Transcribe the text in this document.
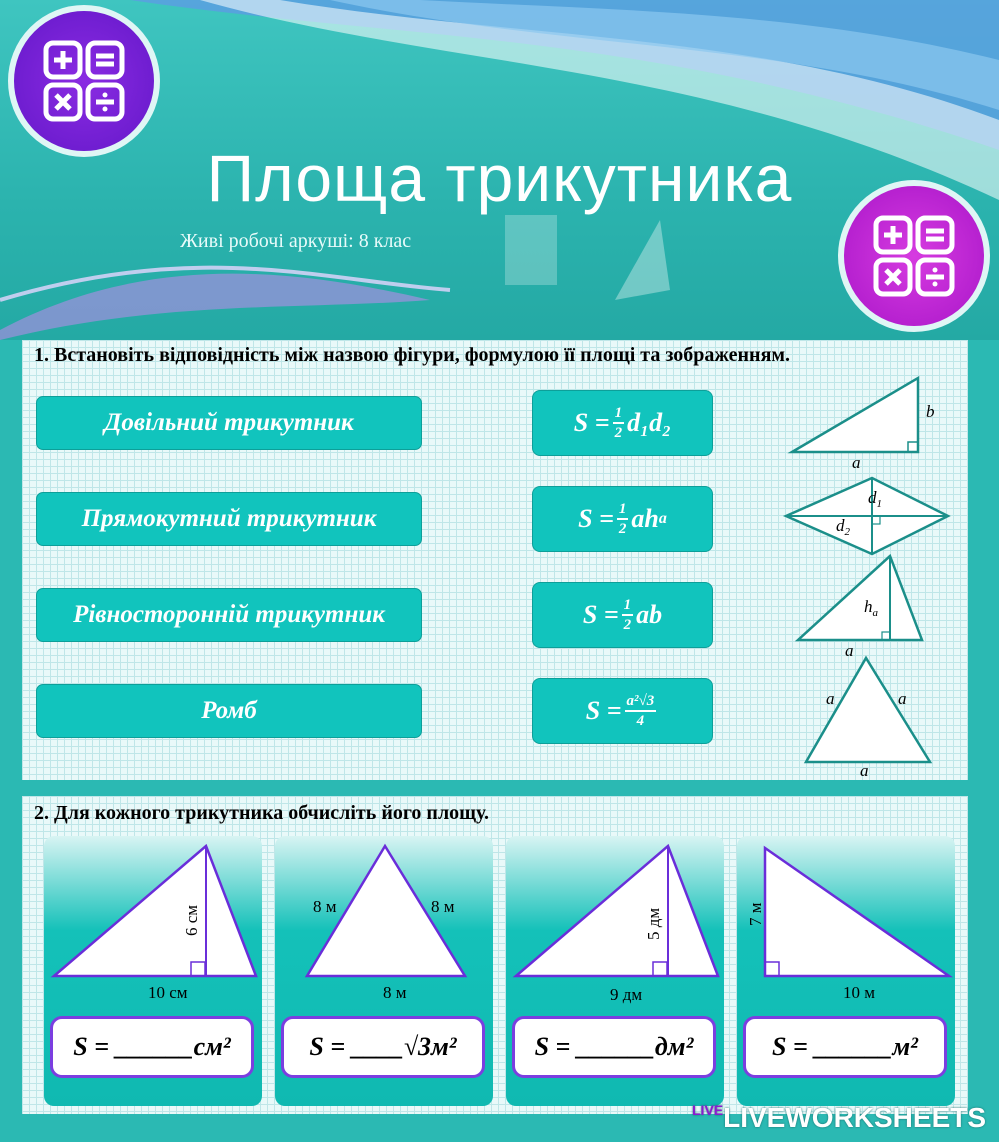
Площа трикутника
Живі робочі аркуші: 8 клас
1. Встановіть відповідність між назвою фігури, формулою її площі та зображенням.
Довільний трикутник
Прямокутний трикутник
Рівносторонній трикутник
Ромб
$S = \frac{1}{2} d_1d_2$
$S = \frac{1}{2}$ ah a
$S = \frac{1}{2}$ ab
$S = \frac{\text{a²√3}}{4}$
b
a
$d_1$
$d_2$
$h_a$
a
a	a
a
2. Для кожного трикутника обчисліть його площу.
6 см
10 см
S = ______ см²
8 м	8 м
8 м
S = ____√3 м²
5 дм
9 дм
S = ______ дм²
7 м
10 м
S = ______ м²
$^{LIVE}$LIVEWORKSHEETS
